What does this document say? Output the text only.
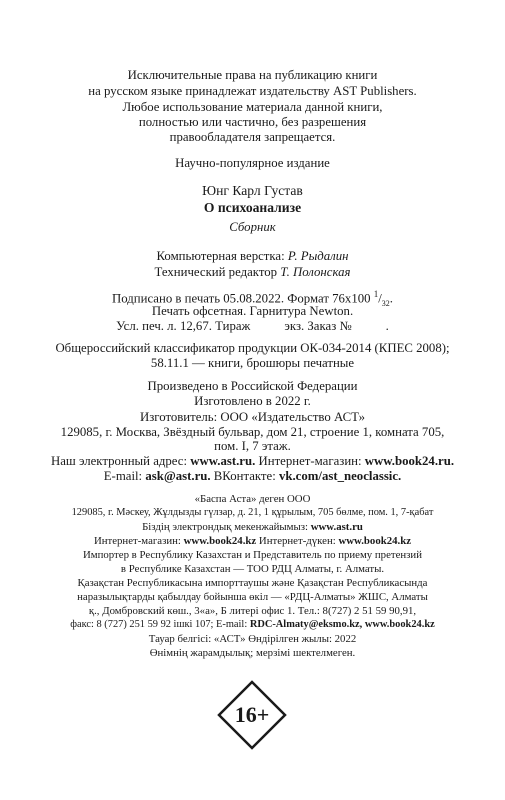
Исключительные права на публикацию книги
на русском языке принадлежат издательству AST Publishers.
Любое использование материала данной книги,
полностью или частично, без разрешения
правообладателя запрещается.
Научно-популярное издание
Юнг Карл Густав
О психоанализе
Сборник
Компьютерная верстка: Р. Рыдалин
Технический редактор Т. Полонская
Подписано в печать 05.08.2022. Формат 76x100 $^1/_{32}$.
Печать офсетная. Гарнитура Newton.
Усл. печ. л. 12,67. Тираж	экз. Заказ №	.
Общероссийский классификатор продукции ОК-034-2014 (КПЕС 2008);
58.11.1 — книги, брошюры печатные
Произведено в Российской Федерации
Изготовлено в 2022 г.
Изготовитель: ООО «Издательство АСТ»
129085, г. Москва, Звёздный бульвар, дом 21, строение 1, комната 705,
пом. I, 7 этаж.
Наш электронный адрес: www.ast.ru. Интернет-магазин: www.book24.ru.
E-mail: ask@ast.ru. ВКонтакте: vk.com/ast_neoclassic.
«Баспа Аста» деген ООО
129085, г. Мәскеу, Жұлдызды гүлзар, д. 21, 1 құрылым, 705 бөлме, пом. 1, 7-қабат
Біздің электрондық мекенжайымыз: www.ast.ru
Интернет-магазин: www.book24.kz Интернет-дүкен: www.book24.kz
Импортер в Республику Казахстан и Представитель по приему претензий
в Республике Казахстан — ТОО РДЦ Алматы, г. Алматы.
Қазақстан Республикасына импорттаушы және Қазақстан Республикасында
наразылықтарды қабылдау бойынша өкіл — «РДЦ-Алматы» ЖШС, Алматы
қ., Домбровский көш., 3«а», Б литері офис 1. Тел.: 8(727) 2 51 59 90,91,
факс: 8 (727) 251 59 92 ішкі 107; E-mail: RDC-Almaty@eksmo.kz, www.book24.kz
Тауар белгісі: «АСТ» Өндірілген жылы: 2022
Өнімнің жарамдылық; мерзімі шектелмеген.
16+
